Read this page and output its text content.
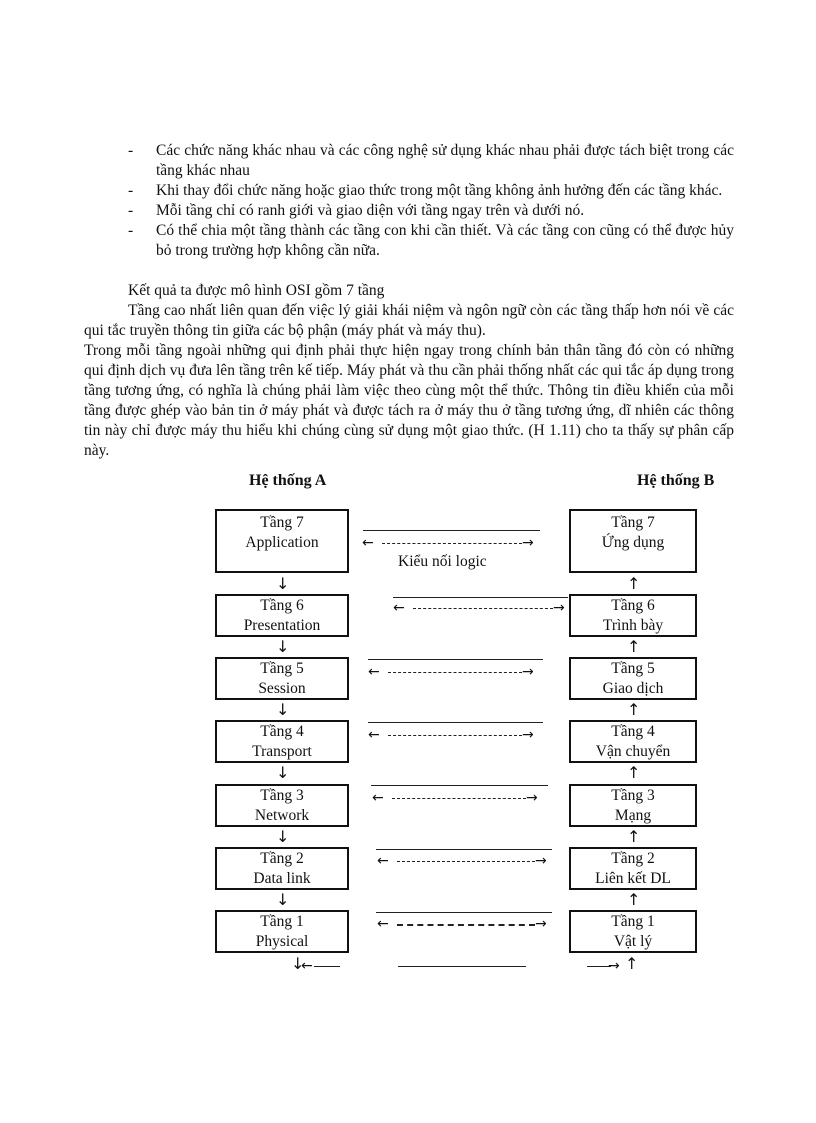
- Các chức năng khác nhau và các công nghệ sử dụng khác nhau phải được tách biệt trong các tầng khác nhau
- Khi thay đổi chức năng hoặc giao thức trong một tầng không ảnh hưởng đến các tầng khác.
- Mỗi tầng chỉ có ranh giới và giao diện với tầng ngay trên và dưới nó.
- Có thể chia một tầng thành các tầng con khi cần thiết. Và các tầng con cũng có thể được hủy bỏ trong trường hợp không cần nữa.

Kết quả ta được mô hình OSI gồm 7 tầng

Tầng cao nhất liên quan đến việc lý giải khái niệm và ngôn ngữ còn các tầng thấp hơn nói về các qui tắc truyền thông tin giữa các bộ phận (máy phát và máy thu).

Trong mỗi tầng ngoài những qui định phải thực hiện ngay trong chính bản thân tầng đó còn có những qui định dịch vụ đưa lên tầng trên kế tiếp. Máy phát và thu cần phải thống nhất các qui tắc áp dụng trong tầng tương ứng, có nghĩa là chúng phải làm việc theo cùng một thể thức. Thông tin điều khiển của mỗi tầng được ghép vào bản tin ở máy phát và được tách ra ở máy thu ở tầng tương ứng, dĩ nhiên các thông tin này chỉ được máy thu hiểu khi chúng cùng sử dụng một giao thức. (H 1.11) cho ta thấy sự phân cấp này.

Hệ thống A	Hệ thống B
Tầng 7
Application
Tầng 6
Presentation
Tầng 5
Session
Tầng 4
Transport
Tầng 3
Network
Tầng 2
Data link
Tầng 1
Physical
Tầng 7
Ứng dụng
Tầng 6
Trình bày
Tầng 5
Giao dịch
Tầng 4
Vận chuyển
Tầng 3
Mạng
Tầng 2
Liên kết DL
Tầng 1
Vật lý
↓
↓
↓
↓
↓
↓
↓
↑
↑
↑
↑
↑
↑
↑
←	→
Kiểu nối logic
←	→
←	→
←	→
←	→
←	→
←	→
←	→
